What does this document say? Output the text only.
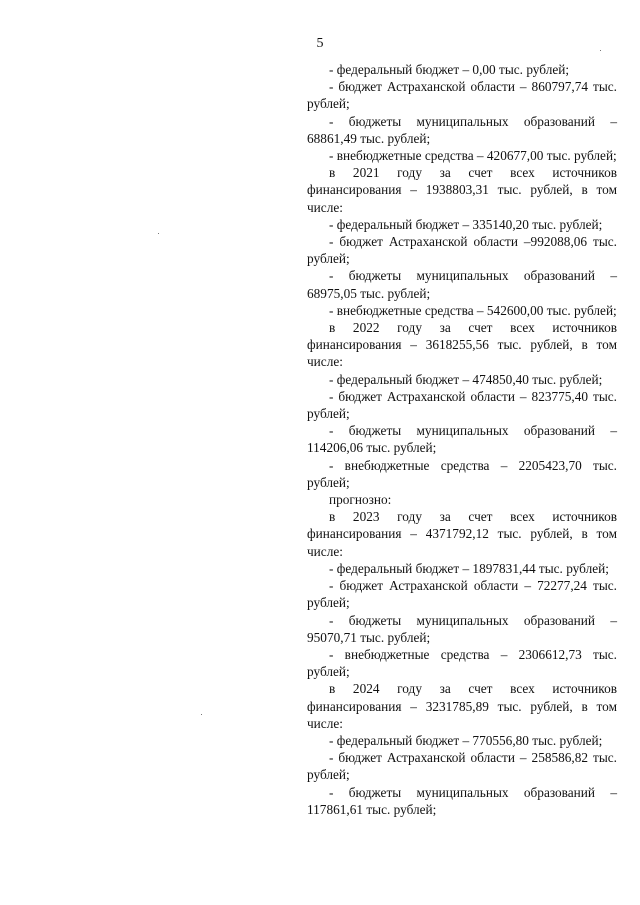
5

- федеральный бюджет – 0,00 тыс. рублей;

- бюджет Астраханской области – 860797,74 тыс. рублей;

- бюджеты муниципальных образований – 68861,49 тыс. рублей;

- внебюджетные средства – 420677,00 тыс. рублей;

в 2021 году за счет всех источников финансирования – 1938803,31 тыс. рублей, в том числе:

- федеральный бюджет – 335140,20 тыс. рублей;

- бюджет Астраханской области –992088,06 тыс. рублей;

- бюджеты муниципальных образований – 68975,05 тыс. рублей;

- внебюджетные средства – 542600,00 тыс. рублей;

в 2022 году за счет всех источников финансирования – 3618255,56 тыс. рублей, в том числе:

- федеральный бюджет – 474850,40 тыс. рублей;

- бюджет Астраханской области – 823775,40 тыс. рублей;

- бюджеты муниципальных образований – 114206,06 тыс. рублей;

- внебюджетные средства – 2205423,70 тыс. рублей;

прогнозно:

в 2023 году за счет всех источников финансирования – 4371792,12 тыс. рублей, в том числе:

- федеральный бюджет – 1897831,44 тыс. рублей;

- бюджет Астраханской области – 72277,24 тыс. рублей;

- бюджеты муниципальных образований – 95070,71 тыс. рублей;

- внебюджетные средства – 2306612,73 тыс. рублей;

в 2024 году за счет всех источников финансирования – 3231785,89 тыс. рублей, в том числе:

- федеральный бюджет – 770556,80 тыс. рублей;

- бюджет Астраханской области – 258586,82 тыс. рублей;

- бюджеты муниципальных образований – 117861,61 тыс. рублей;
